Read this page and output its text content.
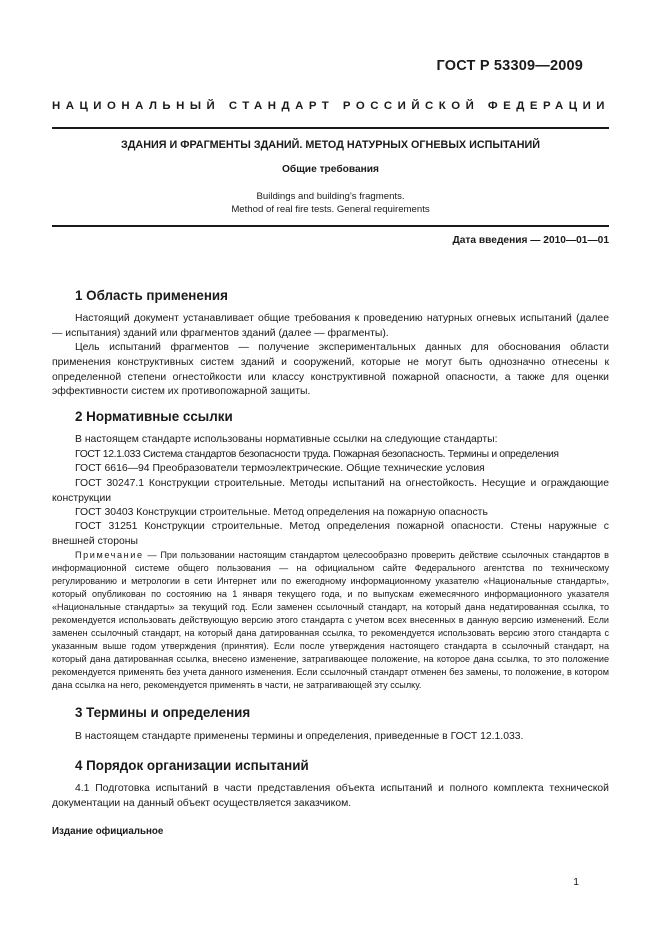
ГОСТ Р 53309—2009
НАЦИОНАЛЬНЫЙ СТАНДАРТ РОССИЙСКОЙ ФЕДЕРАЦИИ
ЗДАНИЯ И ФРАГМЕНТЫ ЗДАНИЙ. МЕТОД НАТУРНЫХ ОГНЕВЫХ ИСПЫТАНИЙ
Общие требования
Buildings and building’s fragments.
Method of real fire tests. General requirements
Дата введения — 2010—01—01
1 Область применения

Настоящий документ устанавливает общие требования к проведению натурных огневых испытаний (далее — испытания) зданий или фрагментов зданий (далее — фрагменты).

Цель испытаний фрагментов — получение экспериментальных данных для обоснования области применения конструктивных систем зданий и сооружений, которые не могут быть однозначно отнесены к определенной степени огнестойкости или классу конструктивной пожарной опасности, а также для оценки эффективности систем их противопожарной защиты.

2 Нормативные ссылки
В настоящем стандарте использованы нормативные ссылки на следующие стандарты:
ГОСТ 12.1.033 Система стандартов безопасности труда. Пожарная безопасность. Термины и определения
ГОСТ 6616—94 Преобразователи термоэлектрические. Общие технические условия

ГОСТ 30247.1 Конструкции строительные. Методы испытаний на огнестойкость. Несущие и ограждающие конструкции

ГОСТ 30403 Конструкции строительные. Метод определения на пожарную опасность

ГОСТ 31251 Конструкции строительные. Метод определения пожарной опасности. Стены наружные с внешней стороны

Примечание — При пользовании настоящим стандартом целесообразно проверить действие ссылочных стандартов в информационной системе общего пользования — на официальном сайте Федерального агентства по техническому регулированию и метрологии в сети Интернет или по ежегодному информационному указателю «Национальные стандарты», который опубликован по состоянию на 1 января текущего года, и по выпускам ежемесячного информационного указателя «Национальные стандарты» за текущий год. Если заменен ссылочный стандарт, на который дана недатированная ссылка, то рекомендуется использовать действующую версию этого стандарта с учетом всех внесенных в данную версию изменений. Если заменен ссылочный стандарт, на который дана датированная ссылка, то рекомендуется использовать версию этого стандарта с указанным выше годом утверждения (принятия). Если после утверждения настоящего стандарта в ссылочный стандарт, на который дана датированная ссылка, внесено изменение, затрагивающее положение, на которое дана ссылка, то это положение рекомендуется применять без учета данного изменения. Если ссылочный стандарт отменен без замены, то положение, в котором дана ссылка на него, рекомендуется применять в части, не затрагивающей эту ссылку.

3 Термины и определения

В настоящем стандарте применены термины и определения, приведенные в ГОСТ 12.1.033.

4 Порядок организации испытаний

4.1 Подготовка испытаний в части представления объекта испытаний и полного комплекта технической документации на данный объект осуществляется заказчиком.

Издание официальное
1
